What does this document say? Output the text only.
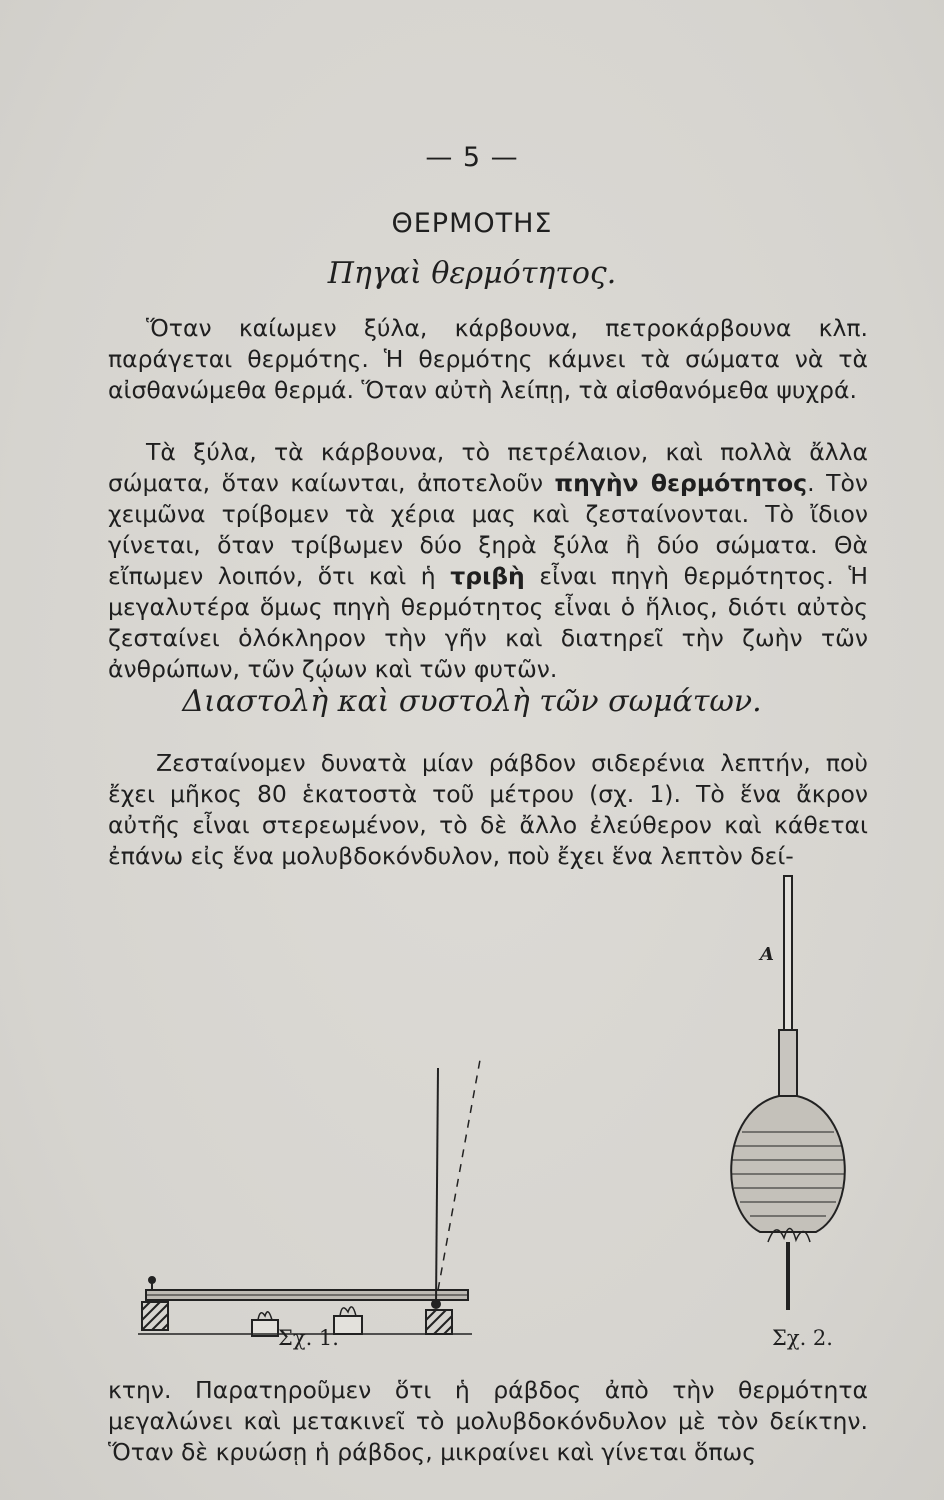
— 5 —
ΘΕΡΜΟΤΗΣ
Πηγαὶ θερμότητος.

Ὅταν καίωμεν ξύλα, κάρβουνα, πετροκάρβουνα κλπ. παράγεται θερμότης. Ἡ θερμότης κάμνει τὰ σώματα νὰ τὰ αἰσθανώμεθα θερμά. Ὅταν αὐτὴ λείπῃ, τὰ αἰσθανόμεθα ψυχρά.

Τὰ ξύλα, τὰ κάρβουνα, τὸ πετρέλαιον, καὶ πολλὰ ἄλλα σώματα, ὅταν καίωνται, ἀποτελοῦν πηγὴν θερμότητος. Τὸν χειμῶνα τρίβομεν τὰ χέρια μας καὶ ζεσταίνονται. Τὸ ἴδιον γίνεται, ὅταν τρίβωμεν δύο ξηρὰ ξύλα ἢ δύο σώματα. Θὰ εἴπωμεν λοιπόν, ὅτι καὶ ἡ τριβὴ εἶναι πηγὴ θερμότητος. Ἡ μεγαλυτέρα ὅμως πηγὴ θερμότητος εἶναι ὁ ἥλιος, διότι αὐτὸς ζεσταίνει ὁλόκληρον τὴν γῆν καὶ διατηρεῖ τὴν ζωὴν τῶν ἀνθρώπων, τῶν ζῴων καὶ τῶν φυτῶν.

Διαστολὴ καὶ συστολὴ τῶν σωμάτων.

Ζεσταίνομεν δυνατὰ μίαν ράβδον σιδερένια λεπτήν, ποὺ ἔχει μῆκος 80 ἑκατοστὰ τοῦ μέτρου (σχ. 1). Τὸ ἕνα ἄκρον αὐτῆς εἶναι στερεωμένον, τὸ δὲ ἄλλο ἐλεύθερον καὶ κάθεται ἐπάνω εἰς ἕνα μολυβδοκόνδυλον, ποὺ ἔχει ἕνα λεπτὸν δεί-

Α
Σχ. 1.	Σχ. 2.

κτην. Παρατηροῦμεν ὅτι ἡ ράβδος ἀπὸ τὴν θερμότητα μεγαλώνει καὶ μετακινεῖ τὸ μολυβδοκόνδυλον μὲ τὸν δείκτην. Ὅταν δὲ κρυώσῃ ἡ ράβδος, μικραίνει καὶ γίνεται ὅπως
